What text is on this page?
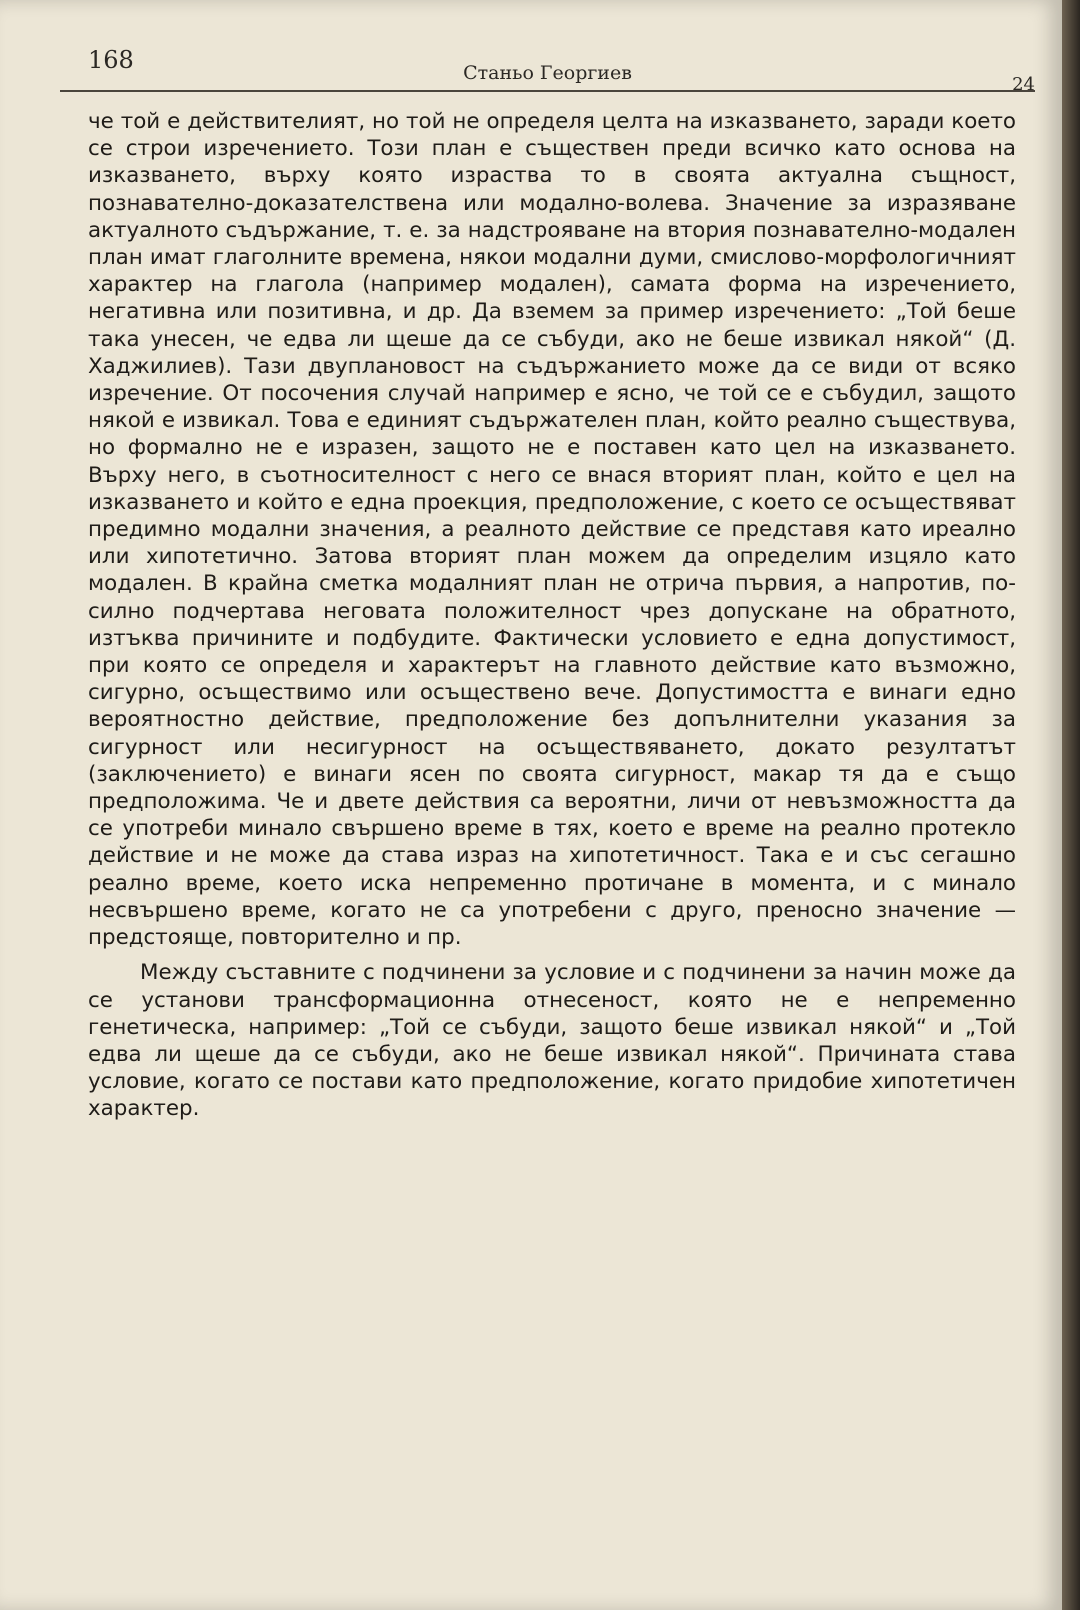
168	Станьо Георгиев
24

че той е действителият, но той не определя целта на изказването, заради което се строи изречението. Този план е съществен преди всичко като основа на изказването, върху която израства то в своята актуална същност, познавателно-доказателствена или модално-волева. Значение за изразяване актуалното съдържание, т. е. за надстрояване на втория познавателно-модален план имат глаголните времена, някои модални думи, смислово-морфологичният характер на глагола (например модален), самата форма на изречението, негативна или позитивна, и др. Да вземем за пример изречението: „Той беше така унесен, че едва ли щеше да се събуди, ако не беше извикал някой“ (Д. Хаджилиев). Тази двуплановост на съдържанието може да се види от всяко изречение. От посочения случай например е ясно, че той се е събудил, защото някой е извикал. Това е единият съдържателен план, който реално съществува, но формално не е изразен, защото не е поставен като цел на изказването. Върху него, в съотносителност с него се внася вторият план, който е цел на изказването и който е една проекция, предположение, с което се осъществяват предимно модални значения, а реалното действие се представя като иреално или хипотетично. Затова вторият план можем да определим изцяло като модален. В крайна сметка модалният план не отрича първия, а напротив, по-силно подчертава неговата положителност чрез допускане на обратното, изтъква причините и подбудите. Фактически условието е една допустимост, при която се определя и характерът на главното действие като възможно, сигурно, осъществимо или осъществено вече. Допустимостта е винаги едно вероятностно действие, предположение без допълнителни указания за сигурност или несигурност на осъществяването, докато резултатът (заключението) е винаги ясен по своята сигурност, макар тя да е също предположима. Че и двете действия са вероятни, личи от невъзможността да се употреби минало свършено време в тях, което е време на реално протекло действие и не може да става израз на хипотетичност. Така е и със сегашно реално време, което иска непременно протичане в момента, и с минало несвършено време, когато не са употребени с друго, преносно значение — предстояще, повторително и пр.

Между съставните с подчинени за условие и с подчинени за начин може да се установи трансформационна отнесеност, която не е непременно генетическа, например: „Той се събуди, защото беше извикал някой“ и „Той едва ли щеше да се събуди, ако не беше извикал някой“. Причината става условие, когато се постави като предположение, когато придобие хипотетичен характер.
